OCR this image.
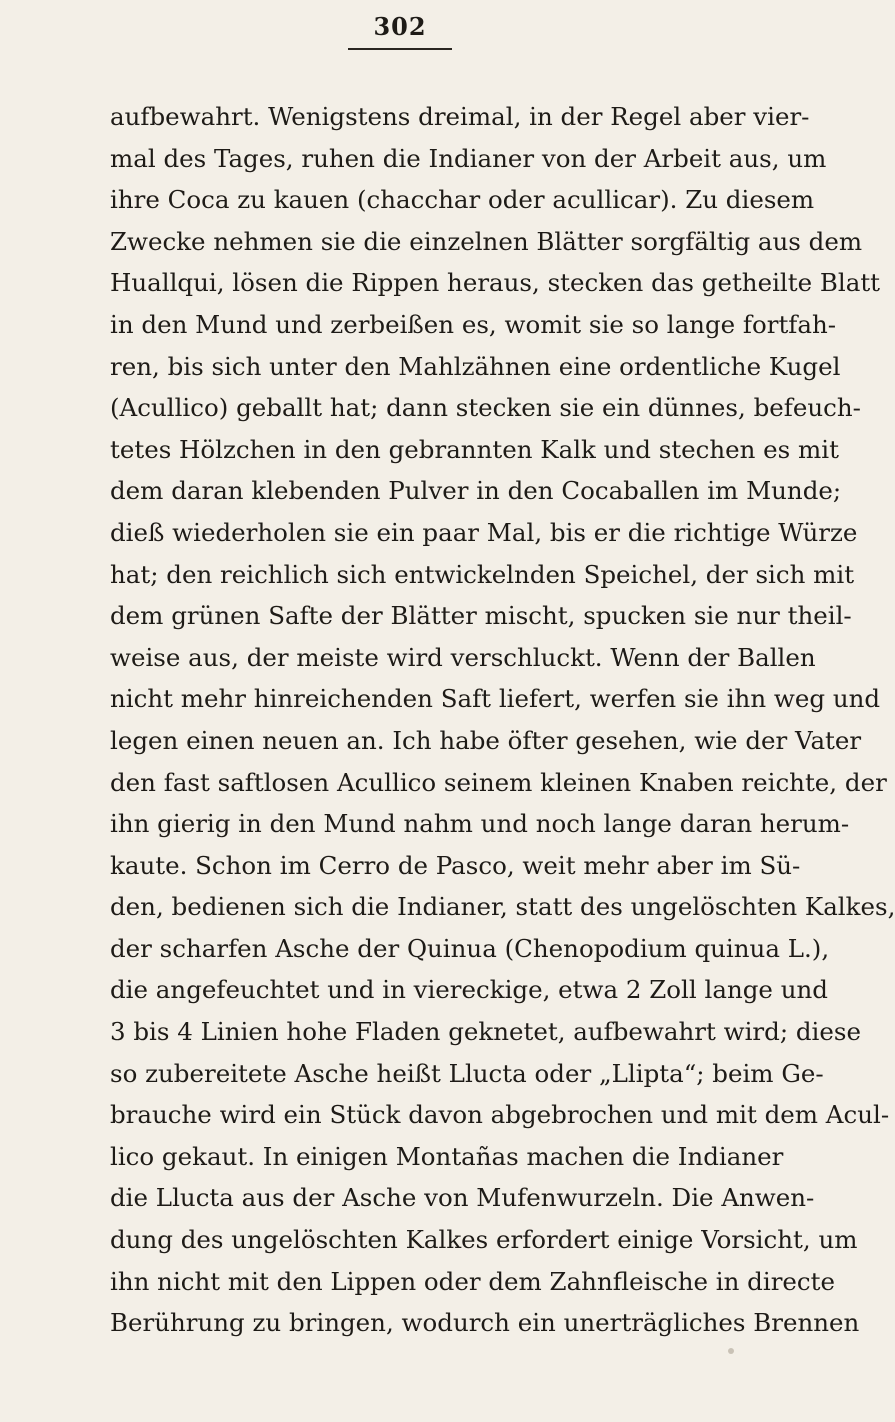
302
aufbewahrt. Wenigstens dreimal, in der Regel aber vier-
mal des Tages, ruhen die Indianer von der Arbeit aus, um
ihre Coca zu kauen (chacchar oder acullicar). Zu diesem
Zwecke nehmen sie die einzelnen Blätter sorgfältig aus dem
Huallqui, lösen die Rippen heraus, stecken das getheilte Blatt
in den Mund und zerbeißen es, womit sie so lange fortfah-
ren, bis sich unter den Mahlzähnen eine ordentliche Kugel
(Acullico) geballt hat; dann stecken sie ein dünnes, befeuch-
tetes Hölzchen in den gebrannten Kalk und stechen es mit
dem daran klebenden Pulver in den Cocaballen im Munde;
dieß wiederholen sie ein paar Mal, bis er die richtige Würze
hat; den reichlich sich entwickelnden Speichel, der sich mit
dem grünen Safte der Blätter mischt, spucken sie nur theil-
weise aus, der meiste wird verschluckt. Wenn der Ballen
nicht mehr hinreichenden Saft liefert, werfen sie ihn weg und
legen einen neuen an. Ich habe öfter gesehen, wie der Vater
den fast saftlosen Acullico seinem kleinen Knaben reichte, der
ihn gierig in den Mund nahm und noch lange daran herum-
kaute. Schon im Cerro de Pasco, weit mehr aber im Sü-
den, bedienen sich die Indianer, statt des ungelöschten Kalkes,
der scharfen Asche der Quinua (Chenopodium quinua L.),
die angefeuchtet und in viereckige, etwa 2 Zoll lange und
3 bis 4 Linien hohe Fladen geknetet, aufbewahrt wird; diese
so zubereitete Asche heißt Llucta oder „Llipta“; beim Ge-
brauche wird ein Stück davon abgebrochen und mit dem Acul-
lico gekaut. In einigen Montañas machen die Indianer
die Llucta aus der Asche von Mufenwurzeln. Die Anwen-
dung des ungelöschten Kalkes erfordert einige Vorsicht, um
ihn nicht mit den Lippen oder dem Zahnfleische in directe
Berührung zu bringen, wodurch ein unerträgliches Brennen
